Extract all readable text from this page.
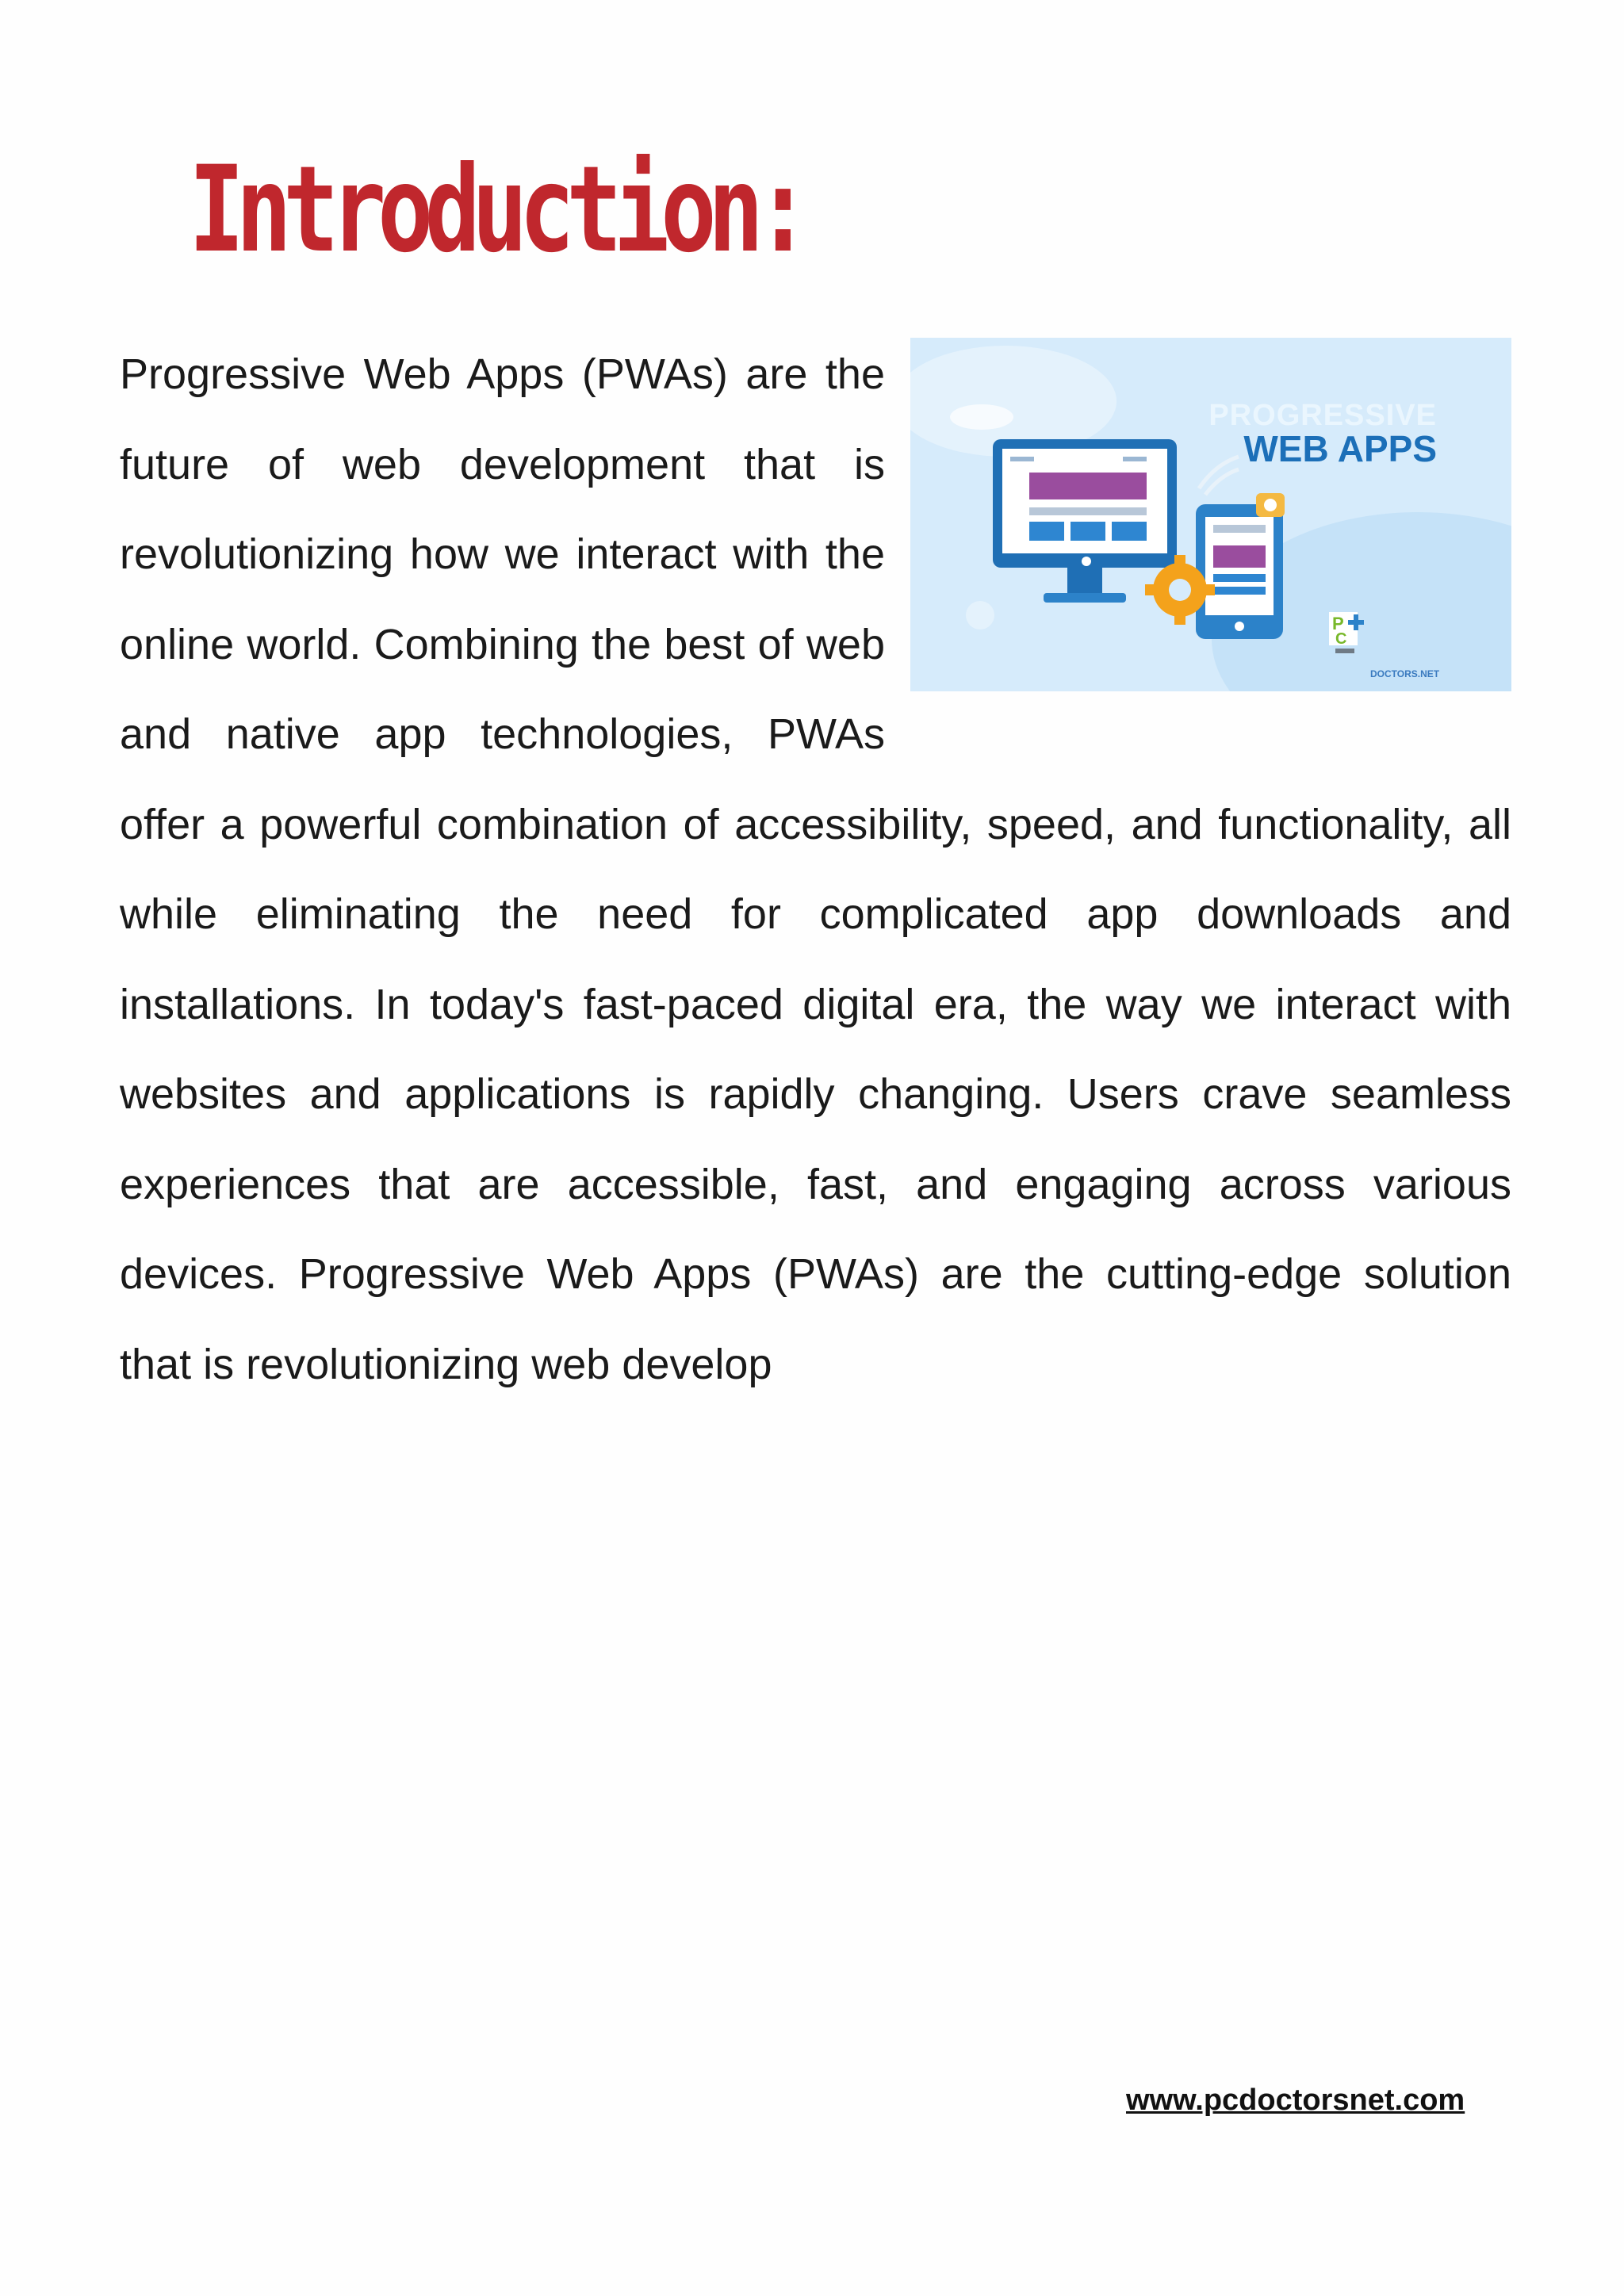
Introduction:
P
C
PROGRESSIVE
WEB APPS
DOCTORS.NET
Progressive Web Apps (PWAs) are the future of web development that is revolutionizing how we interact with the online world. Combining the best of web and native app technologies, PWAs offer a powerful combination of accessibility, speed, and functionality, all while eliminating the need for complicated app downloads and installations. In today's fast-paced digital era, the way we interact with websites and applications is rapidly changing. Users crave seamless experiences that are accessible, fast, and engaging across various devices. Progressive Web Apps (PWAs) are the cutting-edge solution that is revolutionizing web develop
www.pcdoctorsnet.com
